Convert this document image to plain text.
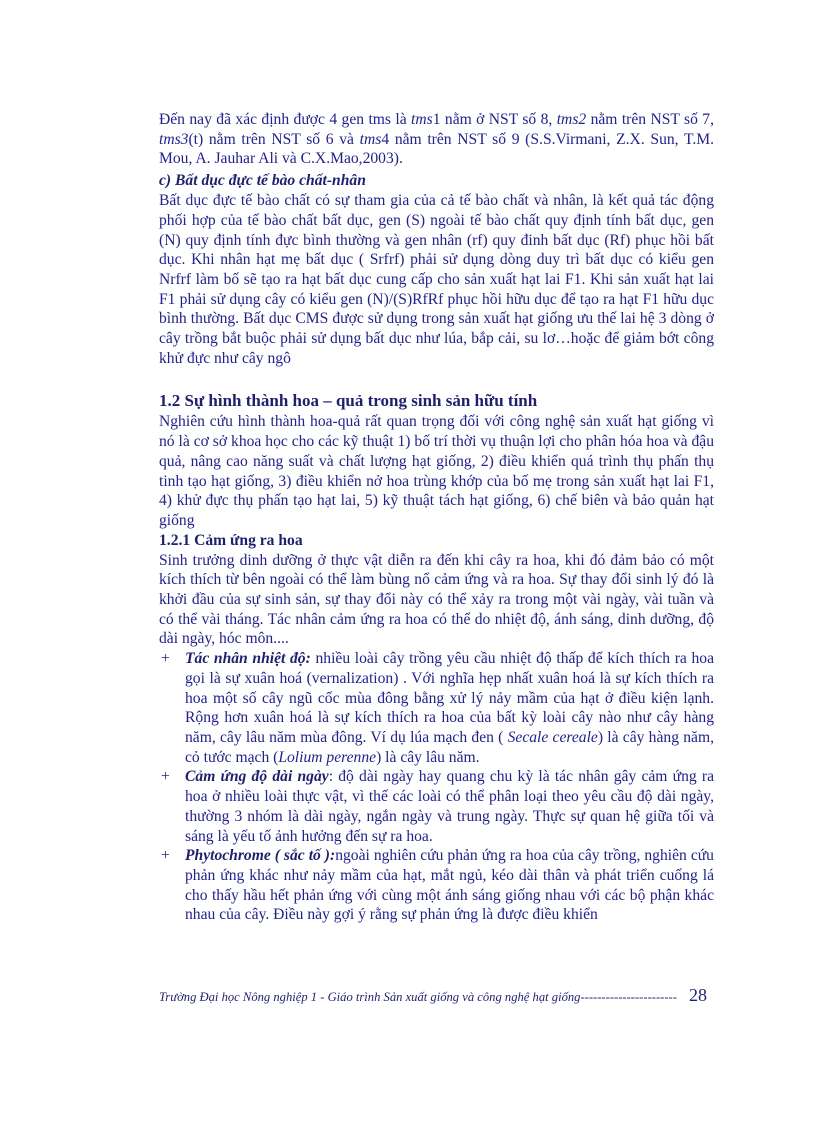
Đến nay đã xác định được 4 gen tms là tms1 nằm ở NST số 8, tms2 nằm trên NST số 7, tms3(t) nằm trên NST số 6 và tms4 nằm trên NST số 9 (S.S.Virmani, Z.X. Sun, T.M. Mou, A. Jauhar Ali và C.X.Mao,2003).

c) Bất dục đực tế bào chất-nhân

Bất dục đực tế bào chất có sự tham gia của cả tế bào chất và nhân, là kết quả tác động phối hợp của tế bào chất bất dục, gen (S) ngoài tế bào chất quy định tính bất dục, gen (N) quy định tính đực bình thường và gen nhân (rf) quy đinh bất dục (Rf) phục hồi bất dục. Khi nhân hạt mẹ bất dục ( Srfrf) phải sử dụng dòng duy trì bất dục có kiểu gen Nrfrf làm bố sẽ tạo ra hạt bất dục cung cấp cho sản xuất hạt lai F1. Khi sản xuất hạt lai F1 phải sử dụng cây có kiểu gen (N)/(S)RfRf phục hồi hữu dục để tạo ra hạt F1 hữu dục bình thường. Bất dục CMS được sử dụng trong sản xuất hạt giống ưu thế lai hệ 3 dòng ở cây trồng bắt buộc phải sử dụng bất dục như lúa, bắp cải, su lơ…hoặc để giảm bớt công khử đực như cây ngô

1.2 Sự hình thành hoa – quả trong sinh sản hữu tính

Nghiên cứu hình thành hoa-quả rất quan trọng đối với công nghệ sản xuất hạt giống vì nó là cơ sở khoa học cho các kỹ thuật 1) bố trí thời vụ thuận lợi cho phân hóa hoa và đậu quả, nâng cao năng suất và chất lượng hạt giống, 2) điều khiển quá trình thụ phấn thụ tinh tạo hạt giống, 3) điều khiển nở hoa trùng khớp của bố mẹ trong sản xuất hạt lai F1, 4) khử đực thụ phấn tạo hạt lai, 5) kỹ thuật tách hạt giống, 6) chế biên và bảo quản hạt giống

1.2.1 Cảm ứng ra hoa

Sinh trưởng dinh dưỡng ở thực vật diễn ra đến khi cây ra hoa, khi đó đảm bảo có một kích thích từ bên ngoài có thể làm bùng nổ cảm ứng và ra hoa. Sự thay đổi sinh lý đó là khởi đầu của sự sinh sản, sự thay đổi này có thể xảy ra trong một vài ngày, vài tuần và có thể vài tháng. Tác nhân cảm ứng ra hoa có thể do nhiệt độ, ánh sáng, dinh dưỡng, độ dài ngày, hóc môn....

+ Tác nhân nhiệt độ: nhiều loài cây trồng yêu cầu nhiệt độ thấp để kích thích ra hoa gọi là sự xuân hoá (vernalization) . Với nghĩa hẹp nhất xuân hoá là sự kích thích ra hoa một số cây ngũ cốc mùa đông bằng xử lý nảy mầm của hạt ở điều kiện lạnh. Rộng hơn xuân hoá là sự kích thích ra hoa của bất kỳ loài cây nào như cây hàng năm, cây lâu năm mùa đông. Ví dụ lúa mạch đen ( Secale cereale) là cây hàng năm, cỏ tước mạch (Lolium perenne) là cây lâu năm.
+ Cảm ứng độ dài ngày: độ dài ngày hay quang chu kỳ là tác nhân gây cảm ứng ra hoa ở nhiều loài thực vật, vì thế các loài có thể phân loại theo yêu cầu độ dài ngày, thường 3 nhóm là dài ngày, ngắn ngày và trung ngày. Thực sự quan hệ giữa tối và sáng là yếu tố ảnh hưởng đến sự ra hoa.
+ Phytochrome ( sắc tố ):ngoài nghiên cứu phản ứng ra hoa của cây trồng, nghiên cứu phản ứng khác như nảy mầm của hạt, mắt ngủ, kéo dài thân và phát triển cuống lá cho thấy hầu hết phản ứng với cùng một ánh sáng giống nhau với các bộ phận khác nhau của cây. Điều này gợi ý rằng sự phản ứng là được điều khiển
Trường Đại học Nông nghiệp 1 - Giáo trình Sản xuất giống và công nghệ hạt giống----------------------- 28
